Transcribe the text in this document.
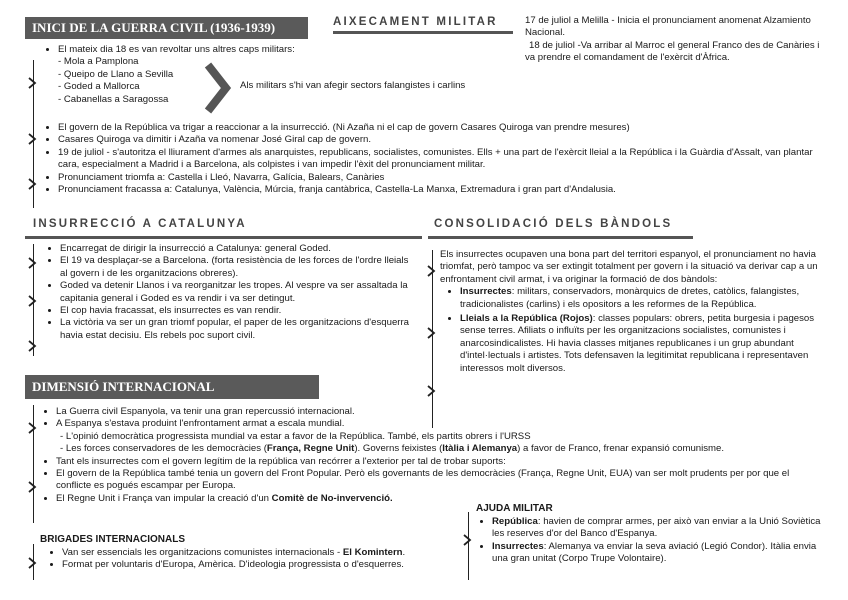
INICI DE LA GUERRA CIVIL (1936-1939)
• El mateix dia 18 es van revoltar uns altres caps militars:
- Mola a Pamplona
- Queipo de Llano a Sevilla
- Goded a Mallorca
- Cabanellas a Saragossa
Als militars s'hi van afegir sectors falangistes i carlins
• El govern de la República va trigar a reaccionar a la insurrecció. (Ni Azaña ni el cap de govern Casares Quiroga van prendre mesures)
• Casares Quiroga va dimitir i Azaña va nomenar José Giral cap de govern.
• 19 de juliol - s'autoritza el lliurament d'armes als anarquistes, republicans, socialistes, comunistes. Ells + una part de l'exèrcit lleial a la República i la Guàrdia d'Assalt, van plantar cara, especialment a Madrid i a Barcelona, als colpistes i van impedir l'èxit del pronunciament militar.
• Pronunciament triomfa a: Castella i Lleó, Navarra, Galícia, Balears, Canàries
• Pronunciament fracassa a: Catalunya, València, Múrcia, franja cantàbrica, Castella-La Manxa, Extremadura i gran part d'Andalusia.
AIXECAMENT MILITAR	17 de juliol a Melilla - Inicia el pronunciament anomenat Alzamiento Nacional.
18 de juliol -Va arribar al Marroc el general Franco des de Canàries i va prendre el comandament de l'exèrcit d'Àfrica.
INSURRECCIÓ A CATALUNYA
• Encarregat de dirigir la insurrecció a Catalunya: general Goded.
• El 19 va desplaçar-se a Barcelona. (forta resistència de les forces de l'ordre lleials al govern i de les organitzacions obreres).
• Goded va detenir Llanos i va reorganitzar les tropes. Al vespre va ser assaltada la capitania general i Goded es va rendir i va ser detingut.
• El cop havia fracassat, els insurrectes es van rendir.
• La victòria va ser un gran triomf popular, el paper de les organitzacions d'esquerra havia estat decisiu. Els rebels poc suport civil.
CONSOLIDACIÓ DELS BÀNDOLS
Els insurrectes ocupaven una bona part del territori espanyol, el pronunciament no havia triomfat, però tampoc va ser extingit totalment per govern i la situació va derivar cap a un enfrontament civil armat, i va originar la formació de dos bàndols:
• Insurrectes: militars, conservadors, monàrquics de dretes, catòlics, falangistes, tradicionalistes (carlins) i els opositors a les reformes de la República.
• Lleials a la República (Rojos): classes populars: obrers, petita burgesia i pagesos sense terres. Afiliats o influïts per les organitzacions socialistes, comunistes i anarcosindicalistes. Hi havia classes mitjanes republicanes i un grup abundant d'intel·lectuals i artistes. Tots defensaven la legitimitat republicana i representaven interessos molt diversos.
DIMENSIÓ INTERNACIONAL
• La Guerra civil Espanyola, va tenir una gran repercussió internacional.
• A Espanya s'estava produint l'enfrontament armat a escala mundial.
- L'opinió democràtica progressista mundial va estar a favor de la República. També, els partits obrers i l'URSS
- Les forces conservadores de les democràcies (França, Regne Unit). Governs feixistes (Itàlia i Alemanya) a favor de Franco, frenar expansió comunisme.
• Tant els insurrectes com el govern legítim de la república van recórrer a l'exterior per tal de trobar suports:
• El govern de la República també tenia un govern del Front Popular. Però els governants de les democràcies (França, Regne Unit, EUA) van ser molt prudents per por que el conflicte es pogués escampar per Europa.
• El Regne Unit i França van impular la creació d'un Comitè de No-invervenció.
BRIGADES INTERNACIONALS
• Van ser essencials les organitzacions comunistes internacionals - El Komintern.
• Format per voluntaris d'Europa, Amèrica. D'ideologia progressista o d'esquerres.
AJUDA MILITAR
• República: havien de comprar armes, per això van enviar a la Unió Soviètica les reserves d'or del Banco d'Espanya.
• Insurrectes: Alemanya va enviar la seva aviació (Legió Condor). Itàlia envia una gran unitat (Corpo Trupe Volontaire).
